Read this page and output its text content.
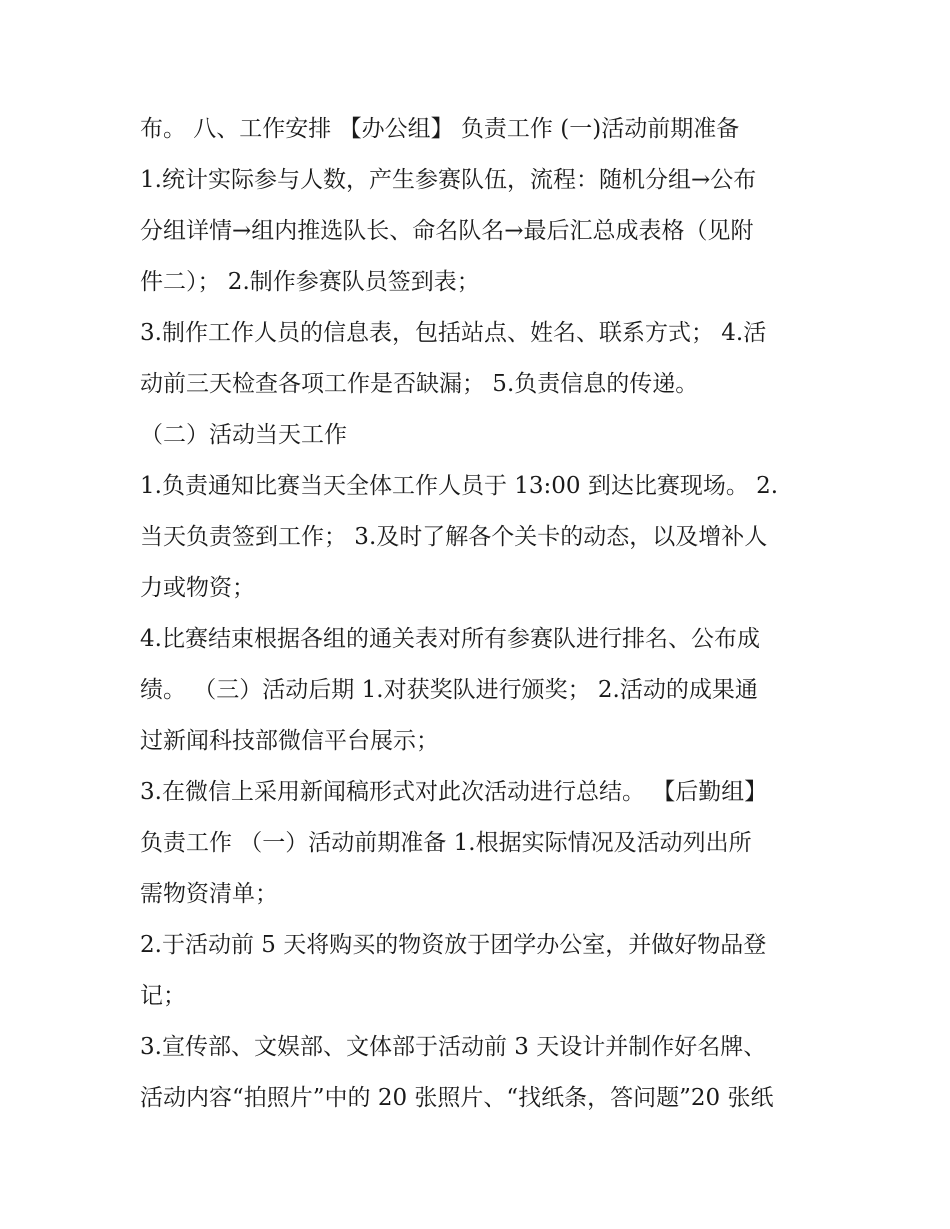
布。 八、工作安排 【办公组】 负责工作 (一)活动前期准备

1.统计实际参与人数，产生参赛队伍，流程：随机分组→公布

分组详情→组内推选队长、命名队名→最后汇总成表格（见附

件二）； 2.制作参赛队员签到表；

3.制作工作人员的信息表，包括站点、姓名、联系方式； 4.活

动前三天检查各项工作是否缺漏； 5.负责信息的传递。

（二）活动当天工作

1.负责通知比赛当天全体工作人员于 13:00 到达比赛现场。 2.

当天负责签到工作； 3.及时了解各个关卡的动态，以及增补人

力或物资；

4.比赛结束根据各组的通关表对所有参赛队进行排名、公布成

绩。 （三）活动后期 1.对获奖队进行颁奖； 2.活动的成果通

过新闻科技部微信平台展示；

3.在微信上采用新闻稿形式对此次活动进行总结。 【后勤组】

负责工作 （一）活动前期准备 1.根据实际情况及活动列出所

需物资清单；

2.于活动前 5 天将购买的物资放于团学办公室，并做好物品登

记；

3.宣传部、文娱部、文体部于活动前 3 天设计并制作好名牌、

活动内容“拍照片”中的 20 张照片、“找纸条，答问题”20 张纸
